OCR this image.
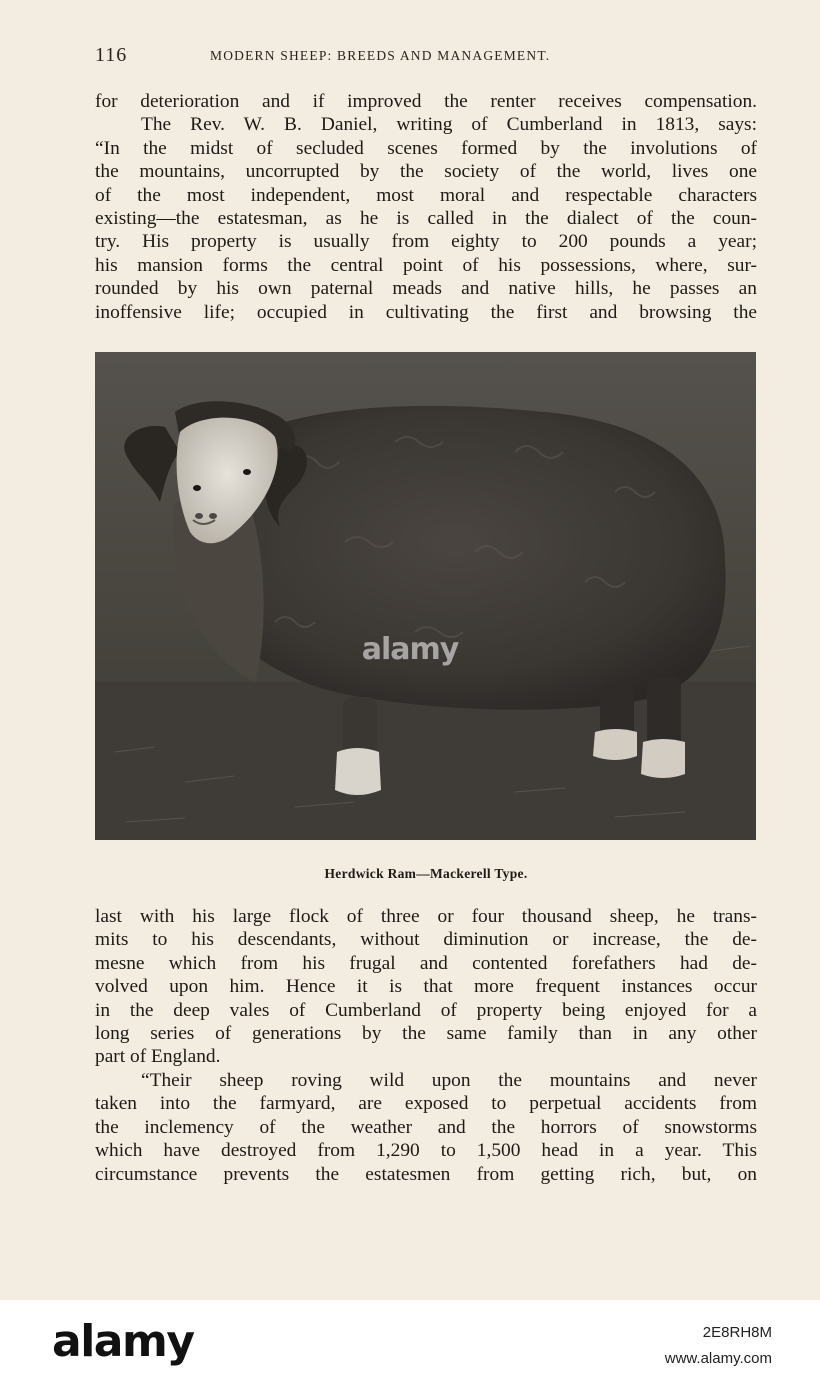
116	MODERN SHEEP: BREEDS AND MANAGEMENT.
for deterioration and if improved the renter receives compensation.
The Rev. W. B. Daniel, writing of Cumberland in 1813, says:
“In the midst of secluded scenes formed by the involutions of
the mountains, uncorrupted by the society of the world, lives one
of the most independent, most moral and respectable characters
existing—the estatesman, as he is called in the dialect of the coun-
try. His property is usually from eighty to 200 pounds a year;
his mansion forms the central point of his possessions, where, sur-
rounded by his own paternal meads and native hills, he passes an
inoffensive life; occupied in cultivating the first and browsing the
Herdwick Ram—Mackerell Type.
last with his large flock of three or four thousand sheep, he trans-
mits to his descendants, without diminution or increase, the de-
mesne which from his frugal and contented forefathers had de-
volved upon him. Hence it is that more frequent instances occur
in the deep vales of Cumberland of property being enjoyed for a
long series of generations by the same family than in any other
part of England.
“Their sheep roving wild upon the mountains and never
taken into the farmyard, are exposed to perpetual accidents from
the inclemency of the weather and the horrors of snowstorms
which have destroyed from 1,290 to 1,500 head in a year. This
circumstance prevents the estatesmen from getting rich, but, on
alamy
alamy	2E8RH8M
www.alamy.com
